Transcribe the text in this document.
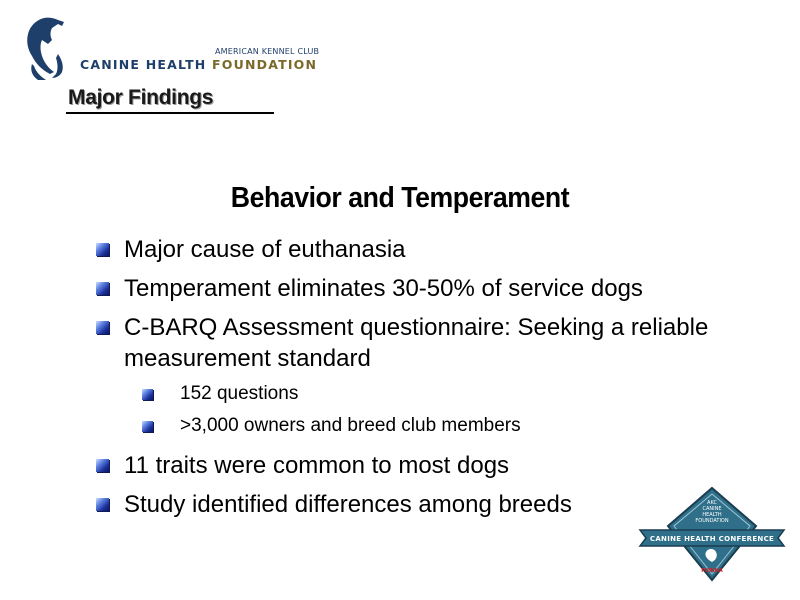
AMERICAN KENNEL CLUB
CANINE HEALTH FOUNDATION
Major Findings
Behavior and Temperament
Major cause of euthanasia
Temperament eliminates 30-50% of service dogs
C-BARQ Assessment questionnaire: Seeking a reliable measurement standard
152 questions
>3,000 owners and breed club members
11 traits were common to most dogs
Study identified differences among breeds	AKC
CANINE
HEALTH
FOUNDATION
CANINE HEALTH CONFERENCE
PURINA
